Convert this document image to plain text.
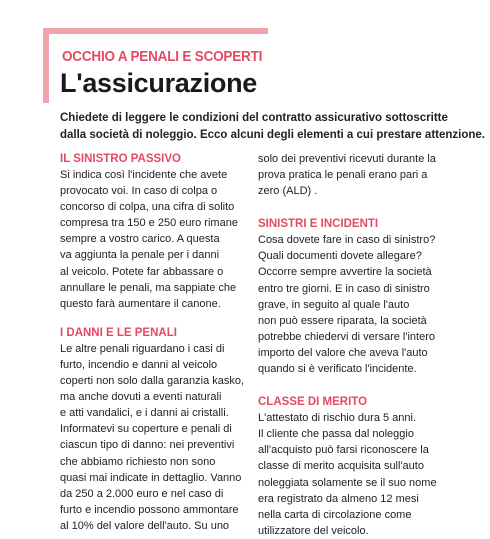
OCCHIO A PENALI E SCOPERTI
L'assicurazione
Chiedete di leggere le condizioni del contratto assicurativo sottoscritte
dalla società di noleggio. Ecco alcuni degli elementi a cui prestare attenzione.
IL SINISTRO PASSIVO
Si indica così l'incidente che avete
provocato voi. In caso di colpa o
concorso di colpa, una cifra di solito
compresa tra 150 e 250 euro rimane
sempre a vostro carico. A questa
va aggiunta la penale per i danni
al veicolo. Potete far abbassare o
annullare le penali, ma sappiate che
questo farà aumentare il canone.
I DANNI E LE PENALI
Le altre penali riguardano i casi di
furto, incendio e danni al veicolo
coperti non solo dalla garanzia kasko,
ma anche dovuti a eventi naturali
e atti vandalici, e i danni ai cristalli.
Informatevi su coperture e penali di
ciascun tipo di danno: nei preventivi
che abbiamo richiesto non sono
quasi mai indicate in dettaglio. Vanno
da 250 a 2.000 euro e nel caso di
furto e incendio possono ammontare
al 10% del valore dell'auto. Su uno
solo dei preventivi ricevuti durante la
prova pratica le penali erano pari a
zero (ALD) .
SINISTRI E INCIDENTI
Cosa dovete fare in caso di sinistro?
Quali documenti dovete allegare?
Occorre sempre avvertire la società
entro tre giorni. E in caso di sinistro
grave, in seguito al quale l'auto
non può essere riparata, la società
potrebbe chiedervi di versare l'intero
importo del valore che aveva l'auto
quando si è verificato l'incidente.
CLASSE DI MERITO
L'attestato di rischio dura 5 anni.
Il cliente che passa dal noleggio
all'acquisto può farsi riconoscere la
classe di merito acquisita sull'auto
noleggiata solamente se il suo nome
era registrato da almeno 12 mesi
nella carta di circolazione come
utilizzatore del veicolo.
